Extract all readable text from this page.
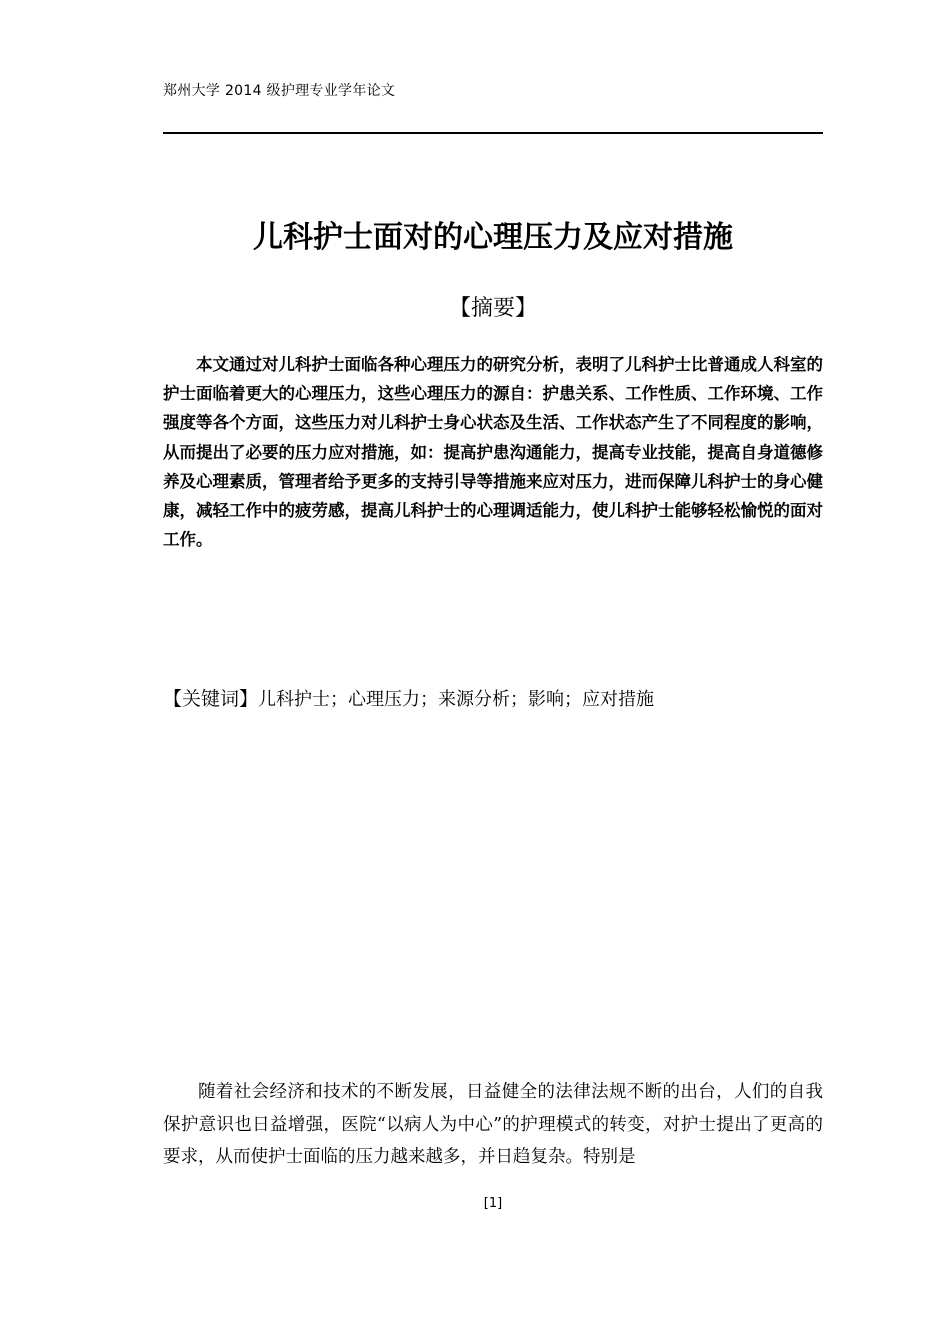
郑州大学 2014 级护理专业学年论文
儿科护士面对的心理压力及应对措施
【摘要】

本文通过对儿科护士面临各种心理压力的研究分析，表明了儿科护士比普通成人科室的护士面临着更大的心理压力，这些心理压力的源自：护患关系、工作性质、工作环境、工作强度等各个方面，这些压力对儿科护士身心状态及生活、工作状态产生了不同程度的影响，从而提出了必要的压力应对措施，如：提高护患沟通能力，提高专业技能，提高自身道德修养及心理素质，管理者给予更多的支持引导等措施来应对压力，进而保障儿科护士的身心健康，减轻工作中的疲劳感，提高儿科护士的心理调适能力，使儿科护士能够轻松愉悦的面对工作。

【关键词】儿科护士；心理压力；来源分析；影响；应对措施

随着社会经济和技术的不断发展，日益健全的法律法规不断的出台，人们的自我保护意识也日益增强，医院“以病人为中心”的护理模式的转变，对护士提出了更高的要求，从而使护士面临的压力越来越多，并日趋复杂。特别是

[1]
